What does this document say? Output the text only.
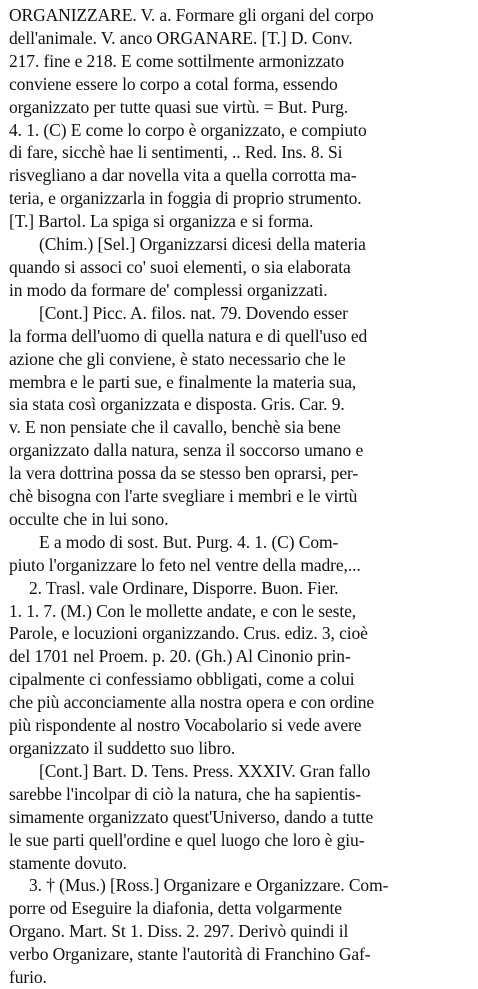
ORGANIZZARE. V. a. Formare gli organi del corpo
dell'animale. V. anco ORGANARE. [T.] D. Conv.
217. fine e 218. E come sottilmente armonizzato
conviene essere lo corpo a cotal forma, essendo
organizzato per tutte quasi sue virtù. = But. Purg.
4. 1. (C) E come lo corpo è organizzato, e compiuto
di fare, sicchè hae li sentimenti, .. Red. Ins. 8. Si
risvegliano a dar novella vita a quella corrotta ma-
teria, e organizzarla in foggia di proprio strumento.
[T.] Bartol. La spiga si organizza e si forma.
(Chim.) [Sel.] Organizzarsi dicesi della materia
quando si associ co' suoi elementi, o sia elaborata
in modo da formare de' complessi organizzati.
[Cont.] Picc. A. filos. nat. 79. Dovendo esser
la forma dell'uomo di quella natura e di quell'uso ed
azione che gli conviene, è stato necessario che le
membra e le parti sue, e finalmente la materia sua,
sia stata così organizzata e disposta. Gris. Car. 9.
v. E non pensiate che il cavallo, benchè sia bene
organizzato dalla natura, senza il soccorso umano e
la vera dottrina possa da se stesso ben oprarsi, per-
chè bisogna con l'arte svegliare i membri e le virtù
occulte che in lui sono.
E a modo di sost. But. Purg. 4. 1. (C) Com-
piuto l'organizzare lo feto nel ventre della madre,...
2. Trasl. vale Ordinare, Disporre. Buon. Fier.
1. 1. 7. (M.) Con le mollette andate, e con le seste,
Parole, e locuzioni organizzando. Crus. ediz. 3, cioè
del 1701 nel Proem. p. 20. (Gh.) Al Cinonio prin-
cipalmente ci confessiamo obbligati, come a colui
che più acconciamente alla nostra opera e con ordine
più rispondente al nostro Vocabolario si vede avere
organizzato il suddetto suo libro.
[Cont.] Bart. D. Tens. Press. XXXIV. Gran fallo
sarebbe l'incolpar di ciò la natura, che ha sapientis-
simamente organizzato quest'Universo, dando a tutte
le sue parti quell'ordine e quel luogo che loro è giu-
stamente dovuto.
3. † (Mus.) [Ross.] Organizare e Organizzare. Com-
porre od Eseguire la diafonia, detta volgarmente
Organo. Mart. St 1. Diss. 2. 297. Derivò quindi il
verbo Organizare, stante l'autorità di Franchino Gaf-
furio.
